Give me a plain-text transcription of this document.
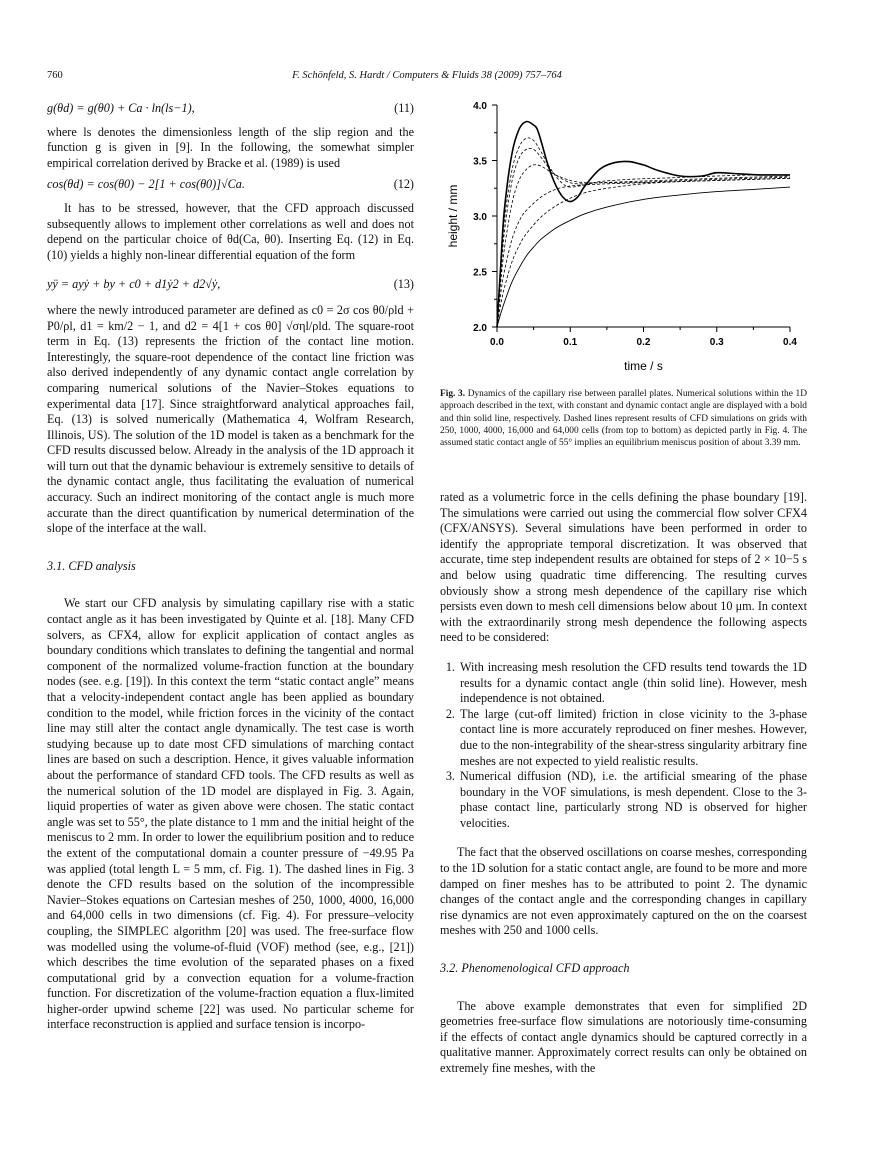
760	F. Schönfeld, S. Hardt / Computers & Fluids 38 (2009) 757–764
g(θd) = g(θ0) + Ca · ln(ls−1),	(11)

where ls denotes the dimensionless length of the slip region and the function g is given in [9]. In the following, the somewhat simpler empirical correlation derived by Bracke et al. (1989) is used

cos(θd) = cos(θ0) − 2[1 + cos(θ0)]√Ca.	(12)

It has to be stressed, however, that the CFD approach discussed subsequently allows to implement other correlations as well and does not depend on the particular choice of θd(Ca, θ0). Inserting Eq. (12) in Eq. (10) yields a highly non-linear differential equation of the form

yÿ = ayẏ + by + c0 + d1ẏ2 + d2√ẏ,	(13)

where the newly introduced parameter are defined as c0 = 2σ cos θ0/ρld + P0/ρl, d1 = km/2 − 1, and d2 = 4[1 + cos θ0] √σηl/ρld. The square-root term in Eq. (13) represents the friction of the contact line motion. Interestingly, the square-root dependence of the contact line friction was also derived independently of any dynamic contact angle correlation by comparing numerical solutions of the Navier–Stokes equations to experimental data [17]. Since straightforward analytical approaches fail, Eq. (13) is solved numerically (Mathematica 4, Wolfram Research, Illinois, US). The solution of the 1D model is taken as a benchmark for the CFD results discussed below. Already in the analysis of the 1D approach it will turn out that the dynamic behaviour is extremely sensitive to details of the dynamic contact angle, thus facilitating the evaluation of numerical accuracy. Such an indirect monitoring of the contact angle is much more accurate than the direct quantification by numerical determination of the slope of the interface at the wall.

3.1. CFD analysis

We start our CFD analysis by simulating capillary rise with a static contact angle as it has been investigated by Quinte et al. [18]. Many CFD solvers, as CFX4, allow for explicit application of contact angles as boundary conditions which translates to defining the tangential and normal component of the normalized volume-fraction function at the boundary nodes (see. e.g. [19]). In this context the term “static contact angle” means that a velocity-independent contact angle has been applied as boundary condition to the model, while friction forces in the vicinity of the contact line may still alter the contact angle dynamically. The test case is worth studying because up to date most CFD simulations of marching contact lines are based on such a description. Hence, it gives valuable information about the performance of standard CFD tools. The CFD results as well as the numerical solution of the 1D model are displayed in Fig. 3. Again, liquid properties of water as given above were chosen. The static contact angle was set to 55°, the plate distance to 1 mm and the initial height of the meniscus to 2 mm. In order to lower the equilibrium position and to reduce the extent of the computational domain a counter pressure of −49.95 Pa was applied (total length L = 5 mm, cf. Fig. 1). The dashed lines in Fig. 3 denote the CFD results based on the solution of the incompressible Navier–Stokes equations on Cartesian meshes of 250, 1000, 4000, 16,000 and 64,000 cells in two dimensions (cf. Fig. 4). For pressure–velocity coupling, the SIMPLEC algorithm [20] was used. The free-surface flow was modelled using the volume-of-fluid (VOF) method (see, e.g., [21]) which describes the time evolution of the separated phases on a fixed computational grid by a convection equation for a volume-fraction function. For discretization of the volume-fraction equation a flux-limited higher-order upwind scheme [22] was used. No particular scheme for interface reconstruction is applied and surface tension is incorpo-

0.0	0.1	0.2	0.3	0.4
2.0
2.5
3.0
3.5
4.0
time / s
height / mm
Fig. 3. Dynamics of the capillary rise between parallel plates. Numerical solutions within the 1D approach described in the text, with constant and dynamic contact angle are displayed with a bold and thin solid line, respectively. Dashed lines represent results of CFD simulations on grids with 250, 1000, 4000, 16,000 and 64,000 cells (from top to bottom) as depicted partly in Fig. 4. The assumed static contact angle of 55° implies an equilibrium meniscus position of about 3.39 mm.

rated as a volumetric force in the cells defining the phase boundary [19]. The simulations were carried out using the commercial flow solver CFX4 (CFX/ANSYS). Several simulations have been performed in order to identify the appropriate temporal discretization. It was observed that accurate, time step independent results are obtained for steps of 2 × 10−5 s and below using quadratic time differencing. The resulting curves obviously show a strong mesh dependence of the capillary rise which persists even down to mesh cell dimensions below about 10 μm. In context with the extraordinarily strong mesh dependence the following aspects need to be considered:

1. With increasing mesh resolution the CFD results tend towards the 1D results for a dynamic contact angle (thin solid line). However, mesh independence is not obtained.
2. The large (cut-off limited) friction in close vicinity to the 3-phase contact line is more accurately reproduced on finer meshes. However, due to the non-integrability of the shear-stress singularity arbitrary fine meshes are not expected to yield realistic results.
3. Numerical diffusion (ND), i.e. the artificial smearing of the phase boundary in the VOF simulations, is mesh dependent. Close to the 3-phase contact line, particularly strong ND is observed for higher velocities.

The fact that the observed oscillations on coarse meshes, corresponding to the 1D solution for a static contact angle, are found to be more and more damped on finer meshes has to be attributed to point 2. The dynamic changes of the contact angle and the corresponding changes in capillary rise dynamics are not even approximately captured on the on the coarsest meshes with 250 and 1000 cells.

3.2. Phenomenological CFD approach

The above example demonstrates that even for simplified 2D geometries free-surface flow simulations are notoriously time-consuming if the effects of contact angle dynamics should be captured correctly in a qualitative manner. Approximately correct results can only be obtained on extremely fine meshes, with the
